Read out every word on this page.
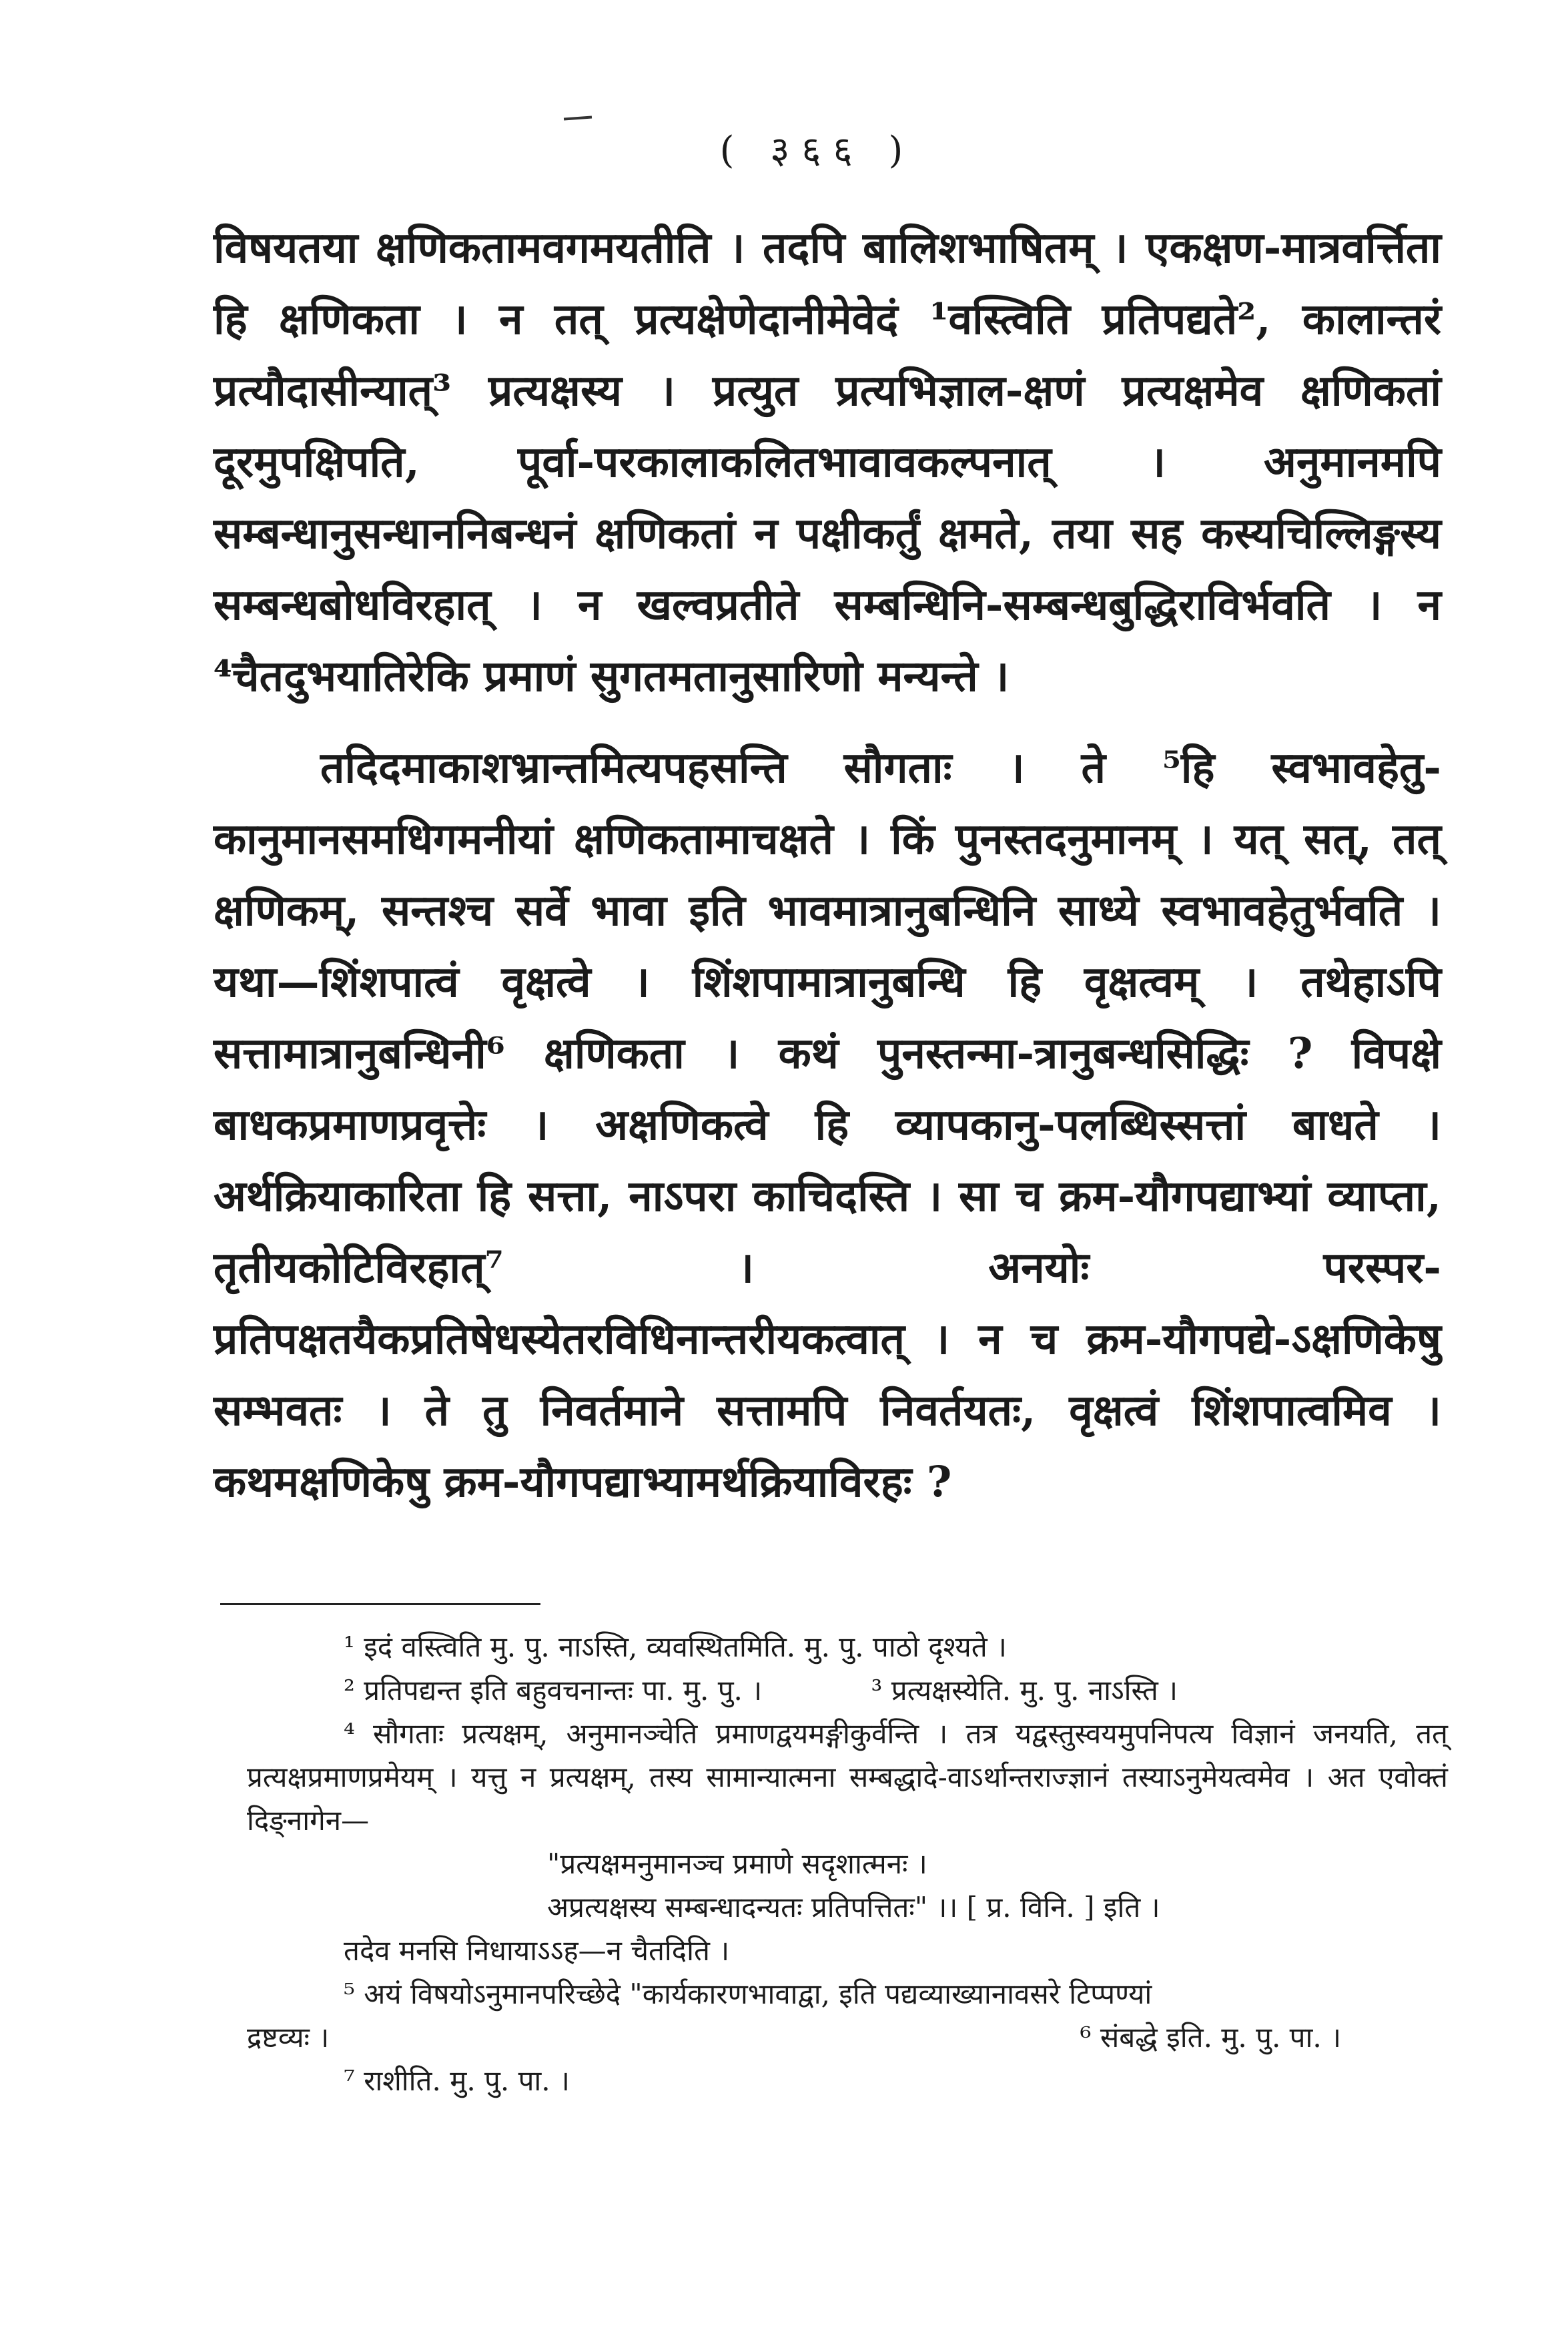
( ३६६ )

विषयतया क्षणिकतामवगमयतीति । तदपि बालिशभाषितम् । एकक्षण-मात्रवर्त्तिता हि क्षणिकता । न तत् प्रत्यक्षेणेदानीमेवेदं ¹वस्त्विति प्रतिपद्यते², कालान्तरं प्रत्यौदासीन्यात्³ प्रत्यक्षस्य । प्रत्युत प्रत्यभिज्ञाल-क्षणं प्रत्यक्षमेव क्षणिकतां दूरमुपक्षिपति, पूर्वा-परकालाकलितभावावकल्पनात् । अनुमानमपि सम्बन्धानुसन्धाननिबन्धनं क्षणिकतां न पक्षीकर्तुं क्षमते, तया सह कस्यचिल्लिङ्गस्य सम्बन्धबोधविरहात् । न खल्वप्रतीते सम्बन्धिनि-सम्बन्धबुद्धिराविर्भवति । न ⁴चैतदुभयातिरेकि प्रमाणं सुगतमतानुसारिणो मन्यन्ते ।

तदिदमाकाशभ्रान्तमित्यपहसन्ति सौगताः । ते ⁵हि स्वभावहेतु-कानुमानसमधिगमनीयां क्षणिकतामाचक्षते । किं पुनस्तदनुमानम् । यत् सत्, तत् क्षणिकम्, सन्तश्च सर्वे भावा इति भावमात्रानुबन्धिनि साध्ये स्वभावहेतुर्भवति । यथा—शिंशपात्वं वृक्षत्वे । शिंशपामात्रानुबन्धि हि वृक्षत्वम् । तथेहाऽपि सत्तामात्रानुबन्धिनी⁶ क्षणिकता । कथं पुनस्तन्मा-त्रानुबन्धसिद्धिः ? विपक्षे बाधकप्रमाणप्रवृत्तेः । अक्षणिकत्वे हि व्यापकानु-पलब्धिस्सत्तां बाधते । अर्थक्रियाकारिता हि सत्ता, नाऽपरा काचिदस्ति । सा च क्रम-यौगपद्याभ्यां व्याप्ता, तृतीयकोटिविरहात्⁷ । अनयोः परस्पर-प्रतिपक्षतयैकप्रतिषेधस्येतरविधिनान्तरीयकत्वात् । न च क्रम-यौगपद्ये-ऽक्षणिकेषु सम्भवतः । ते तु निवर्तमाने सत्तामपि निवर्तयतः, वृक्षत्वं शिंशपात्वमिव । कथमक्षणिकेषु क्रम-यौगपद्याभ्यामर्थक्रियाविरहः ?

¹ इदं वस्त्विति मु. पु. नाऽस्ति, व्यवस्थितमिति. मु. पु. पाठो दृश्यते ।

² प्रतिपद्यन्त इति बहुवचनान्तः पा. मु. पु. ।	³ प्रत्यक्षस्येति. मु. पु. नाऽस्ति ।

⁴ सौगताः प्रत्यक्षम्, अनुमानञ्चेति प्रमाणद्वयमङ्गीकुर्वन्ति । तत्र यद्वस्तुस्वयमुपनिपत्य विज्ञानं जनयति, तत् प्रत्यक्षप्रमाणप्रमेयम् । यत्तु न प्रत्यक्षम्, तस्य सामान्यात्मना सम्बद्धादे-वाऽर्थान्तराज्ज्ञानं तस्याऽनुमेयत्वमेव । अत एवोक्तं दिङ्नागेन—

"प्रत्यक्षमनुमानञ्च प्रमाणे सदृशात्मनः ।

अप्रत्यक्षस्य सम्बन्धादन्यतः प्रतिपत्तितः" ।। [ प्र. विनि. ] इति ।

तदेव मनसि निधायाऽऽह—न चैतदिति ।

⁵ अयं विषयोऽनुमानपरिच्छेदे "कार्यकारणभावाद्वा, इति पद्यव्याख्यानावसरे टिप्पण्यां

द्रष्टव्यः ।	⁶ संबद्धे इति. मु. पु. पा. ।

⁷ राशीति. मु. पु. पा. ।
